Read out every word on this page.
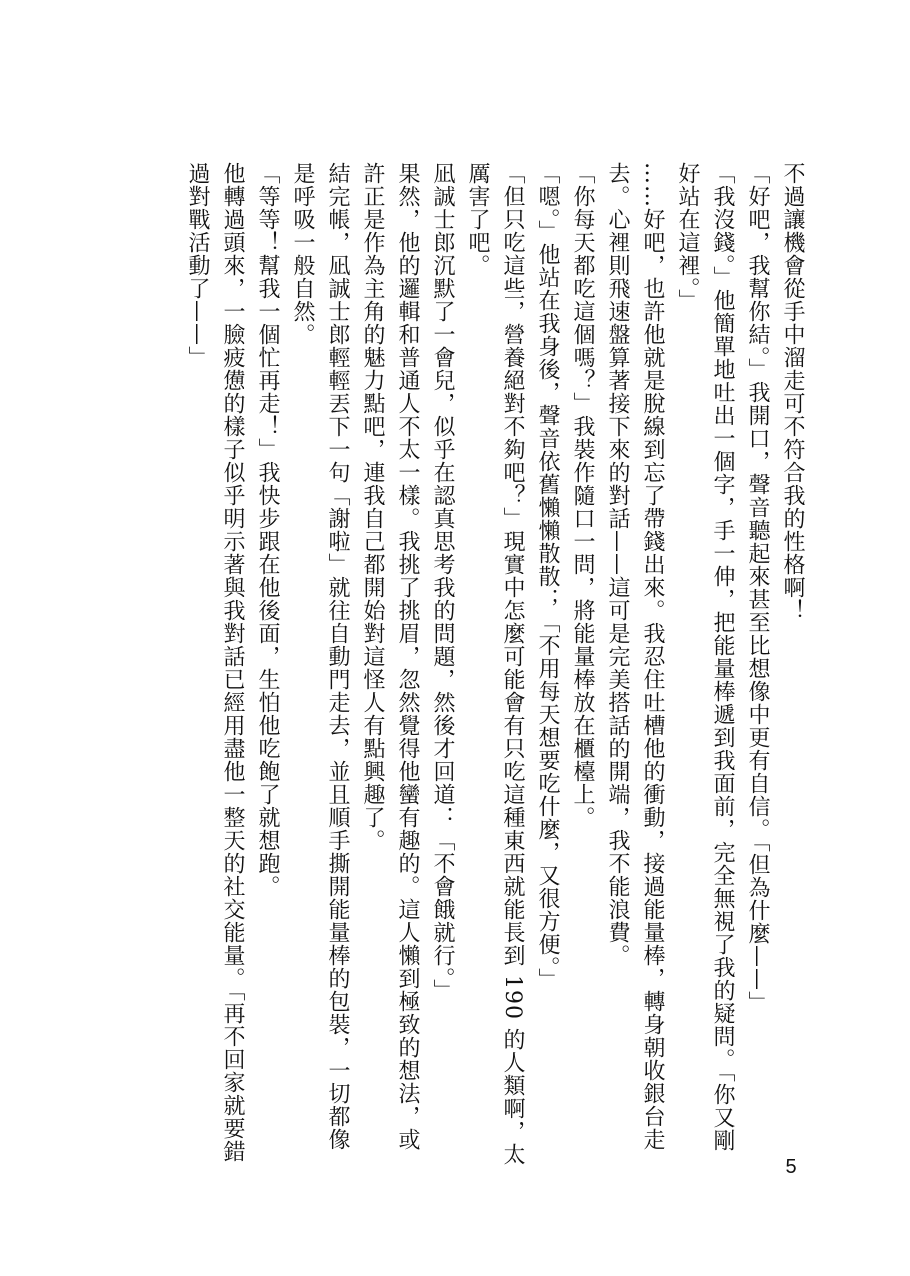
不過讓機會從手中溜走可不符合我的性格啊！

「好吧，我幫你結。」我開口，聲音聽起來甚至比想像中更有自信。「但為什麼——」

「我沒錢。」他簡單地吐出一個字，手一伸，把能量棒遞到我面前，完全無視了我的疑問。「你又剛好站在這裡。」

……好吧，也許他就是脫線到忘了帶錢出來。我忍住吐槽他的衝動，接過能量棒，轉身朝收銀台走去。心裡則飛速盤算著接下來的對話——這可是完美搭話的開端，我不能浪費。

「你每天都吃這個嗎？」我裝作隨口一問，將能量棒放在櫃檯上。

「嗯。」他站在我身後，聲音依舊懶懶散散；「不用每天想要吃什麼，又很方便。」

「但只吃這些，營養絕對不夠吧？」現實中怎麼可能會有只吃這種東西就能長到 190 的人類啊，太厲害了吧。

凪誠士郎沉默了一會兒，似乎在認真思考我的問題，然後才回道：「不會餓就行。」

果然，他的邏輯和普通人不太一樣。我挑了挑眉，忽然覺得他蠻有趣的。這人懶到極致的想法，或許正是作為主角的魅力點吧，連我自己都開始對這怪人有點興趣了。

結完帳，凪誠士郎輕輕丟下一句「謝啦」就往自動門走去，並且順手撕開能量棒的包裝，一切都像是呼吸一般自然。

「等等！幫我一個忙再走！」我快步跟在他後面，生怕他吃飽了就想跑。

他轉過頭來，一臉疲憊的樣子似乎明示著與我對話已經用盡他一整天的社交能量。「再不回家就要錯過對戰活動了——」

5
